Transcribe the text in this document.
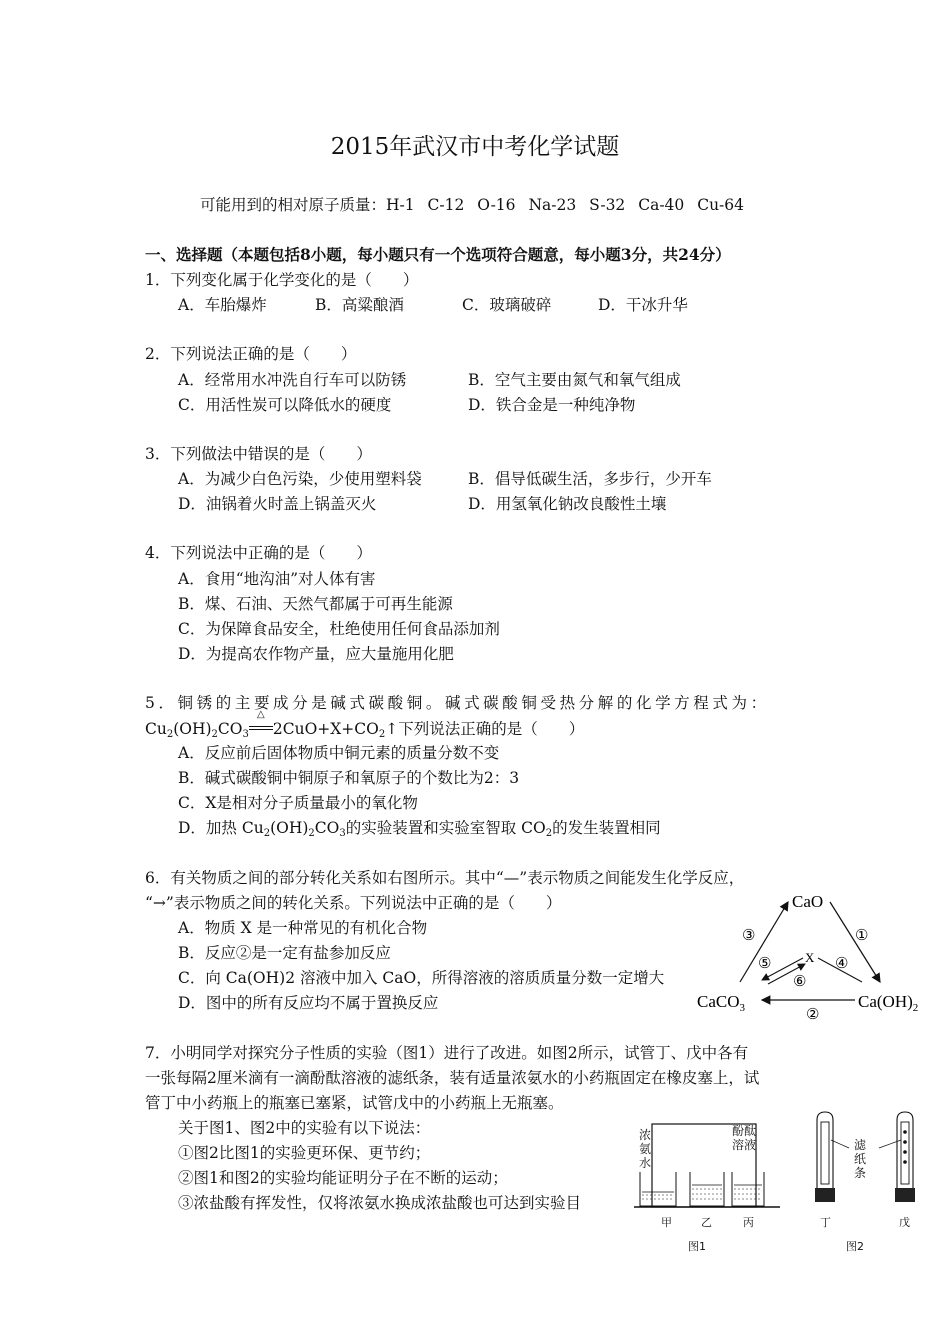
2015年武汉市中考化学试题
可能用到的相对原子质量：H-1 C-12 O-16 Na-23 S-32 Ca-40 Cu-64
一、选择题（本题包括8小题，每小题只有一个选项符合题意，每小题3分，共24分）
1．下列变化属于化学变化的是（　　）
A．车胎爆炸	B．高粱酿酒	C．玻璃破碎	D．干冰升华
2．下列说法正确的是（　　）
A．经常用水冲洗自行车可以防锈	B．空气主要由氮气和氧气组成
C．用活性炭可以降低水的硬度	D．铁合金是一种纯净物
3．下列做法中错误的是（　　）
A．为减少白色污染，少使用塑料袋	B．倡导低碳生活，多步行，少开车
D．油锅着火时盖上锅盖灭火	D．用氢氧化钠改良酸性土壤
4．下列说法中正确的是（　　）
A．食用“地沟油”对人体有害
B．煤、石油、天然气都属于可再生能源
C．为保障食品安全，杜绝使用任何食品添加剂
D．为提高农作物产量，应大量施用化肥
5．铜锈的主要成分是碱式碳酸铜。碱式碳酸铜受热分解的化学方程式为：
$Cu_2(OH)_2CO_3$
△
$2CuO+X+CO_2↑$下列说法正确的是（　　）
A．反应前后固体物质中铜元素的质量分数不变
B．碱式碳酸铜中铜原子和氧原子的个数比为2：3
C．X是相对分子质量最小的氧化物
D．加热 $Cu_2(OH)_2CO_3$的实验装置和实验室智取 $CO_2$的发生装置相同
6．有关物质之间的部分转化关系如右图所示。其中“—”表示物质之间能发生化学反应，
“→”表示物质之间的转化关系。下列说法中正确的是（　　）
A．物质 X 是一种常见的有机化合物
B．反应②是一定有盐参加反应
C．向 Ca(OH)2 溶液中加入 CaO，所得溶液的溶质质量分数一定增大
D．图中的所有反应均不属于置换反应
CaO
CaCO$_3$	$Ca(OH)_2$
X
③	①
⑤	④
⑥
②
7．小明同学对探究分子性质的实验（图1）进行了改进。如图2所示，试管丁、戊中各有
一张每隔2厘米滴有一滴酚酞溶液的滤纸条，装有适量浓氨水的小药瓶固定在橡皮塞上，试
管丁中小药瓶上的瓶塞已塞紧，试管戊中的小药瓶上无瓶塞。
关于图1、图2中的实验有以下说法：
①图2比图1的实验更环保、更节约；
②图1和图2的实验均能证明分子在不断的运动；
③浓盐酸有挥发性，仅将浓氨水换成浓盐酸也可达到实验目
浓氨水
酚酞溶液
甲	乙	丙
图1
滤纸条
丁	戊
图2
